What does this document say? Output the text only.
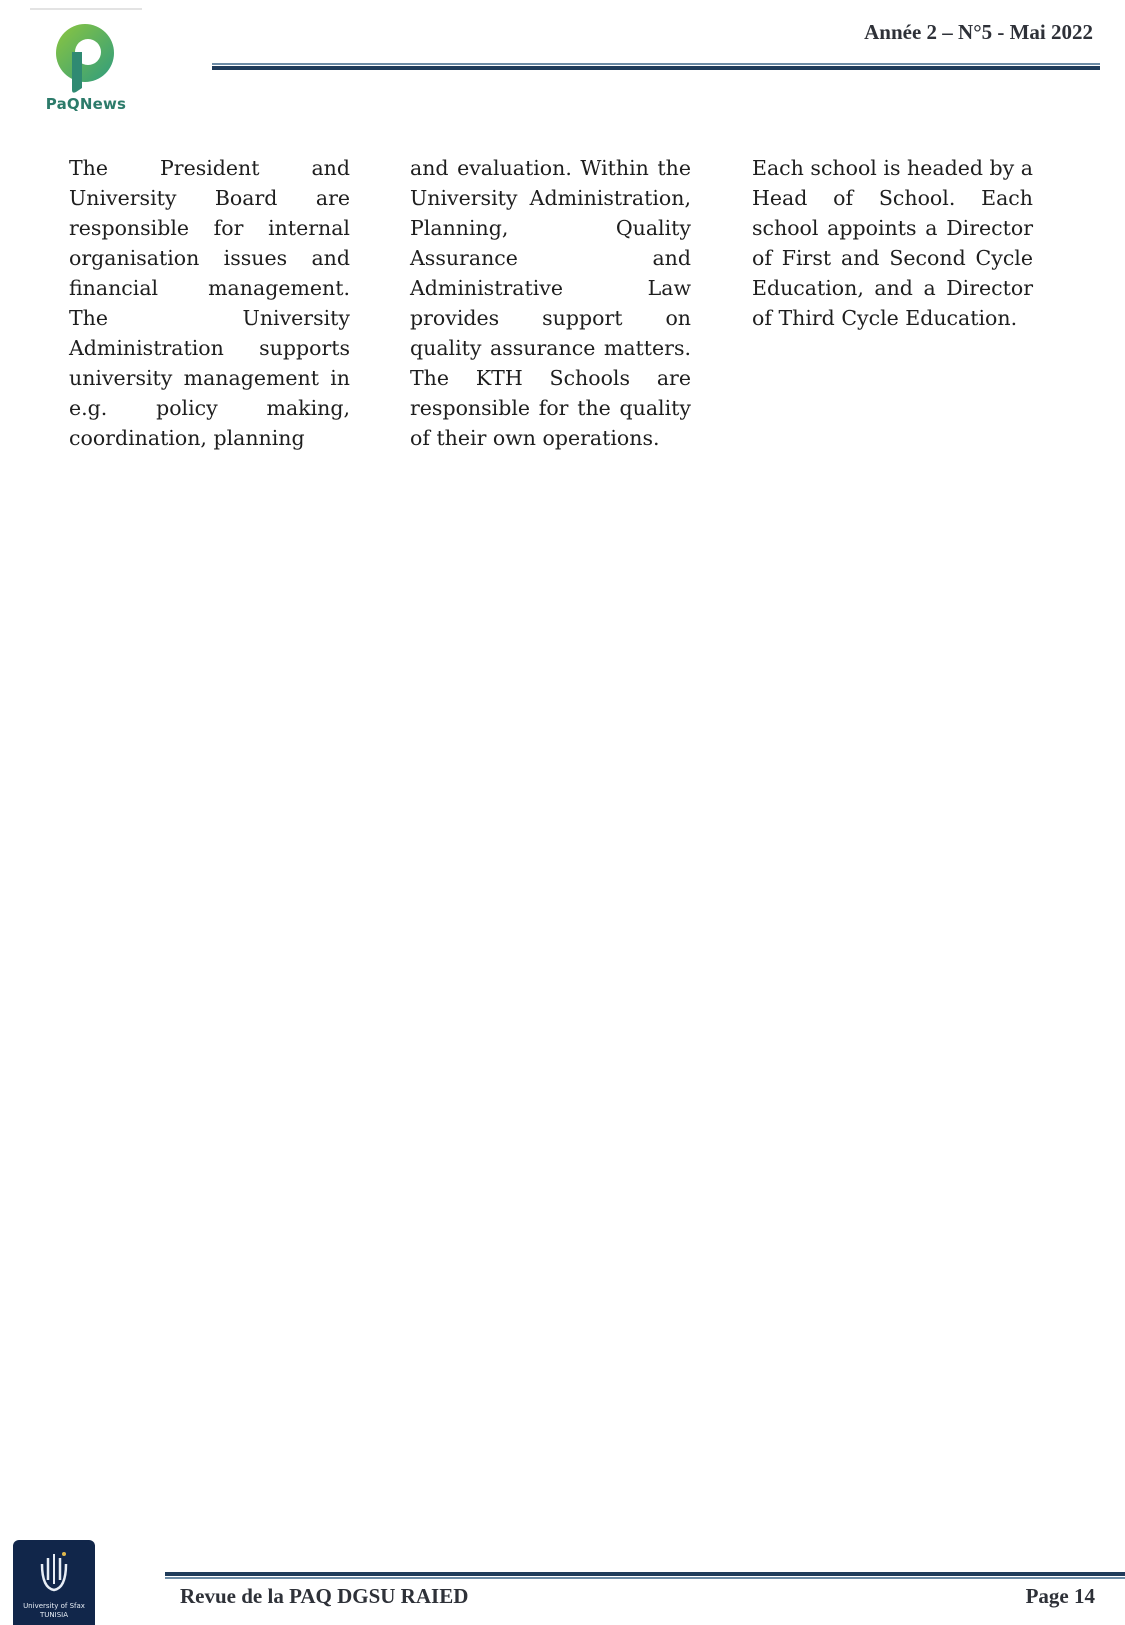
PaQNews
Année 2 – N°5 - Mai 2022
The President and University Board are responsible for internal organisation issues and financial management. The University Administration supports university management in e.g. policy making, coordination, planning
and evaluation. Within the University Administration, Planning, Quality Assurance and Administrative Law provides support on quality assurance matters. The KTH Schools are responsible for the quality of their own operations.
Each school is headed by a Head of School. Each school appoints a Director of First and Second Cycle Education, and a Director of Third Cycle Education.
University of Sfax
TUNISIA
Revue de la PAQ DGSU RAIED	Page 14
